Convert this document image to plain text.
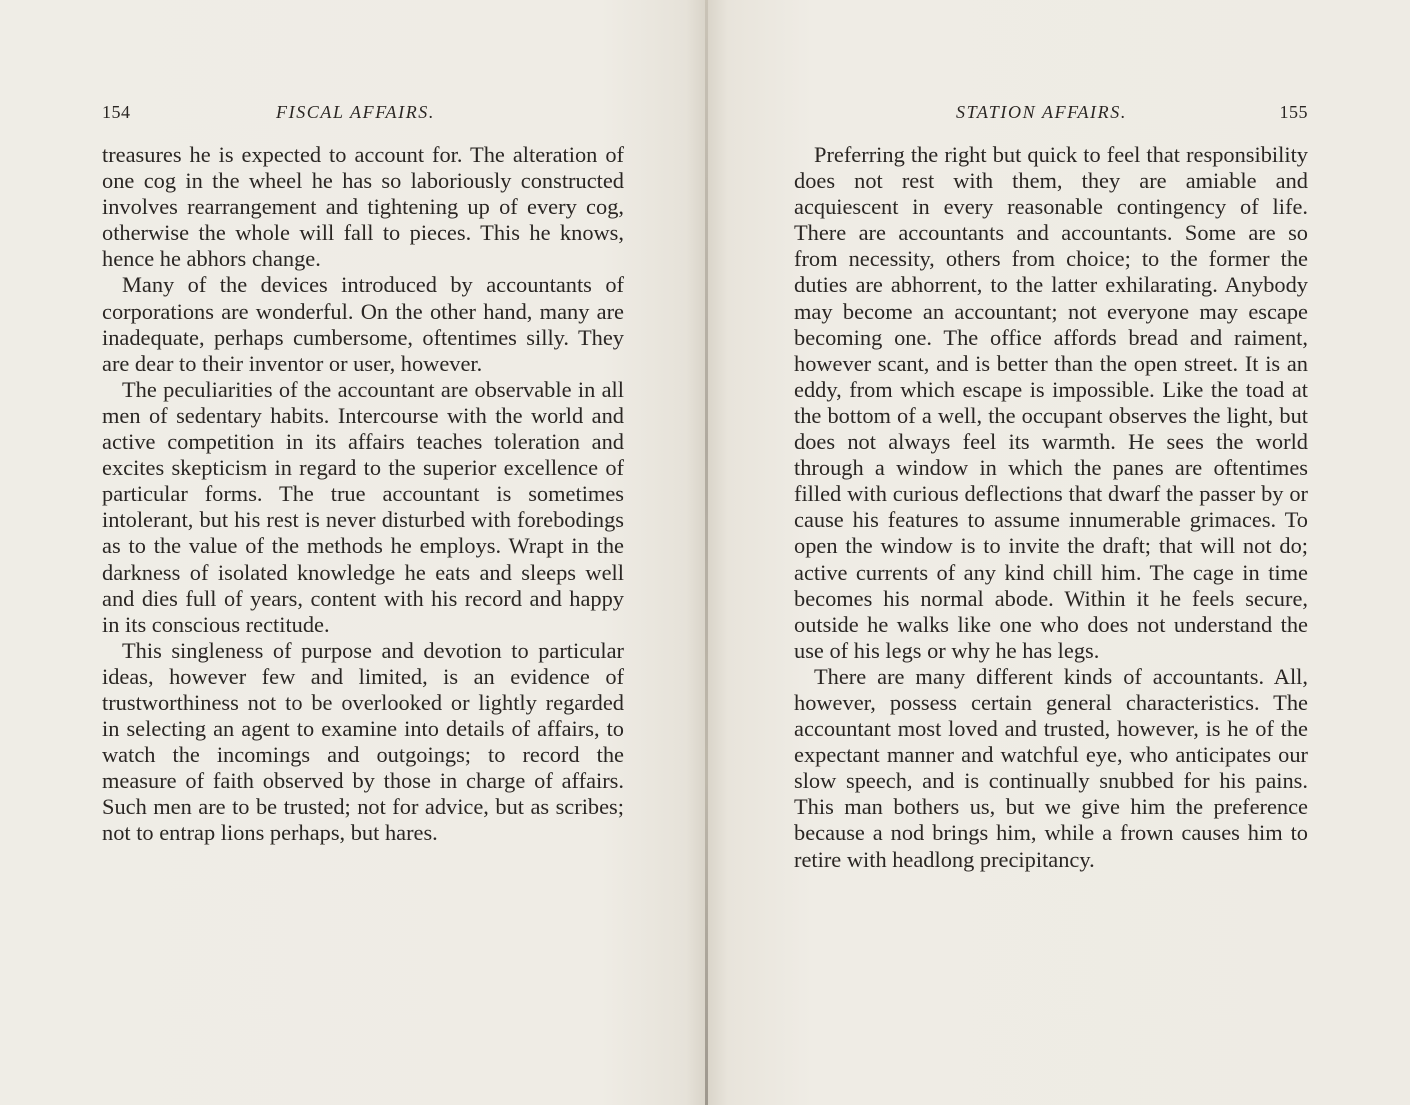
154	FISCAL AFFAIRS.

treasures he is expected to account for. The alteration of one cog in the wheel he has so laboriously constructed involves rearrangement and tightening up of every cog, otherwise the whole will fall to pieces. This he knows, hence he abhors change.

Many of the devices introduced by accountants of corporations are wonderful. On the other hand, many are inadequate, perhaps cumbersome, oftentimes silly. They are dear to their inventor or user, however.

The peculiarities of the accountant are observable in all men of sedentary habits. Intercourse with the world and active competition in its affairs teaches toleration and excites skepticism in regard to the superior excellence of particular forms. The true accountant is sometimes intolerant, but his rest is never disturbed with forebodings as to the value of the methods he employs. Wrapt in the darkness of isolated knowledge he eats and sleeps well and dies full of years, content with his record and happy in its conscious rectitude.

This singleness of purpose and devotion to particular ideas, however few and limited, is an evidence of trustworthiness not to be overlooked or lightly regarded in selecting an agent to examine into details of affairs, to watch the incomings and outgoings; to record the measure of faith observed by those in charge of affairs. Such men are to be trusted; not for advice, but as scribes; not to entrap lions perhaps, but hares.

STATION AFFAIRS.	155

Preferring the right but quick to feel that responsibility does not rest with them, they are amiable and acquiescent in every reasonable contingency of life. There are accountants and accountants. Some are so from necessity, others from choice; to the former the duties are abhorrent, to the latter exhilarating. Anybody may become an accountant; not everyone may escape becoming one. The office affords bread and raiment, however scant, and is better than the open street. It is an eddy, from which escape is impossible. Like the toad at the bottom of a well, the occupant observes the light, but does not always feel its warmth. He sees the world through a window in which the panes are oftentimes filled with curious deflections that dwarf the passer by or cause his features to assume innumerable grimaces. To open the window is to invite the draft; that will not do; active currents of any kind chill him. The cage in time becomes his normal abode. Within it he feels secure, outside he walks like one who does not understand the use of his legs or why he has legs.

There are many different kinds of accountants. All, however, possess certain general characteristics. The accountant most loved and trusted, however, is he of the expectant manner and watchful eye, who anticipates our slow speech, and is continually snubbed for his pains. This man bothers us, but we give him the preference because a nod brings him, while a frown causes him to retire with headlong precipitancy.
